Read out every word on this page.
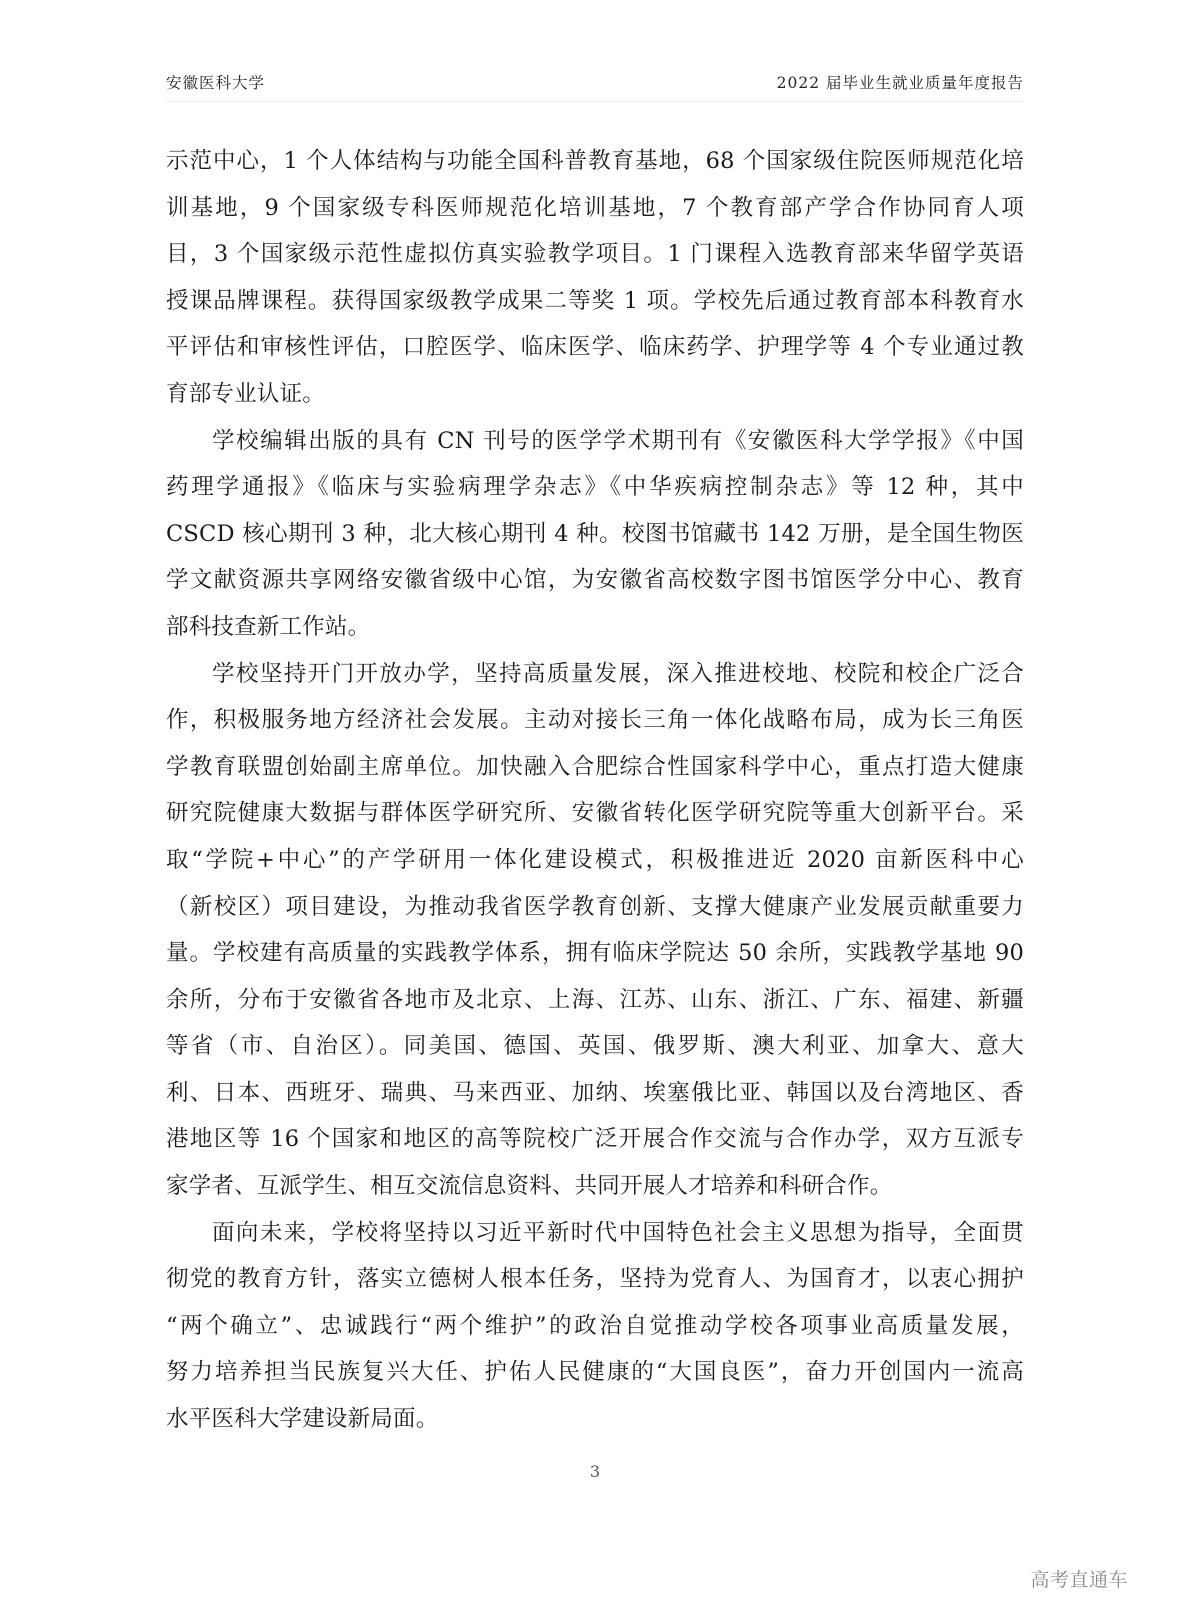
安徽医科大学	2022 届毕业生就业质量年度报告
示范中心，1 个人体结构与功能全国科普教育基地，68 个国家级住院医师规范化培
训基地，9 个国家级专科医师规范化培训基地，7 个教育部产学合作协同育人项
目，3 个国家级示范性虚拟仿真实验教学项目。1 门课程入选教育部来华留学英语
授课品牌课程。获得国家级教学成果二等奖 1 项。学校先后通过教育部本科教育水
平评估和审核性评估，口腔医学、临床医学、临床药学、护理学等 4 个专业通过教
育部专业认证。
学校编辑出版的具有 CN 刊号的医学学术期刊有《安徽医科大学学报》《中国
药理学通报》《临床与实验病理学杂志》《中华疾病控制杂志》等 12 种，其中
CSCD 核心期刊 3 种，北大核心期刊 4 种。校图书馆藏书 142 万册，是全国生物医
学文献资源共享网络安徽省级中心馆，为安徽省高校数字图书馆医学分中心、教育
部科技查新工作站。
学校坚持开门开放办学，坚持高质量发展，深入推进校地、校院和校企广泛合
作，积极服务地方经济社会发展。主动对接长三角一体化战略布局，成为长三角医
学教育联盟创始副主席单位。加快融入合肥综合性国家科学中心，重点打造大健康
研究院健康大数据与群体医学研究所、安徽省转化医学研究院等重大创新平台。采
取“学院+中心”的产学研用一体化建设模式，积极推进近 2020 亩新医科中心
（新校区）项目建设，为推动我省医学教育创新、支撑大健康产业发展贡献重要力
量。学校建有高质量的实践教学体系，拥有临床学院达 50 余所，实践教学基地 90
余所，分布于安徽省各地市及北京、上海、江苏、山东、浙江、广东、福建、新疆
等省（市、自治区）。同美国、德国、英国、俄罗斯、澳大利亚、加拿大、意大
利、日本、西班牙、瑞典、马来西亚、加纳、埃塞俄比亚、韩国以及台湾地区、香
港地区等 16 个国家和地区的高等院校广泛开展合作交流与合作办学，双方互派专
家学者、互派学生、相互交流信息资料、共同开展人才培养和科研合作。
面向未来，学校将坚持以习近平新时代中国特色社会主义思想为指导，全面贯
彻党的教育方针，落实立德树人根本任务，坚持为党育人、为国育才，以衷心拥护
“两个确立”、忠诚践行“两个维护”的政治自觉推动学校各项事业高质量发展，
努力培养担当民族复兴大任、护佑人民健康的“大国良医”，奋力开创国内一流高
水平医科大学建设新局面。
3
高考直通车
